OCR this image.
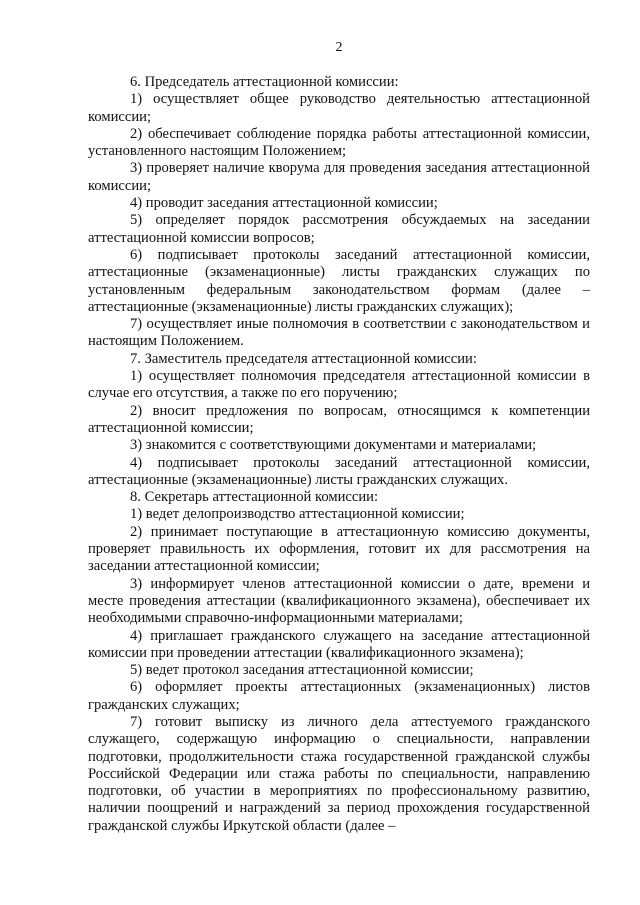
2

6. Председатель аттестационной комиссии:

1) осуществляет общее руководство деятельностью аттестационной комиссии;

2) обеспечивает соблюдение порядка работы аттестационной комиссии, установленного настоящим Положением;

3) проверяет наличие кворума для проведения заседания аттестационной комиссии;

4) проводит заседания аттестационной комиссии;

5) определяет порядок рассмотрения обсуждаемых на заседании аттестационной комиссии вопросов;

6) подписывает протоколы заседаний аттестационной комиссии, аттестационные (экзаменационные) листы гражданских служащих по установленным федеральным законодательством формам (далее – аттестационные (экзаменационные) листы гражданских служащих);

7) осуществляет иные полномочия в соответствии с законодательством и настоящим Положением.

7. Заместитель председателя аттестационной комиссии:

1) осуществляет полномочия председателя аттестационной комиссии в случае его отсутствия, а также по его поручению;

2) вносит предложения по вопросам, относящимся к компетенции аттестационной комиссии;

3) знакомится с соответствующими документами и материалами;

4) подписывает протоколы заседаний аттестационной комиссии, аттестационные (экзаменационные) листы гражданских служащих.

8. Секретарь аттестационной комиссии:

1) ведет делопроизводство аттестационной комиссии;

2) принимает поступающие в аттестационную комиссию документы, проверяет правильность их оформления, готовит их для рассмотрения на заседании аттестационной комиссии;

3) информирует членов аттестационной комиссии о дате, времени и месте проведения аттестации (квалификационного экзамена), обеспечивает их необходимыми справочно-информационными материалами;

4) приглашает гражданского служащего на заседание аттестационной комиссии при проведении аттестации (квалификационного экзамена);

5) ведет протокол заседания аттестационной комиссии;

6) оформляет проекты аттестационных (экзаменационных) листов гражданских служащих;

7) готовит выписку из личного дела аттестуемого гражданского служащего, содержащую информацию о специальности, направлении подготовки, продолжительности стажа государственной гражданской службы Российской Федерации или стажа работы по специальности, направлению подготовки, об участии в мероприятиях по профессиональному развитию, наличии поощрений и награждений за период прохождения государственной гражданской службы Иркутской области (далее –
